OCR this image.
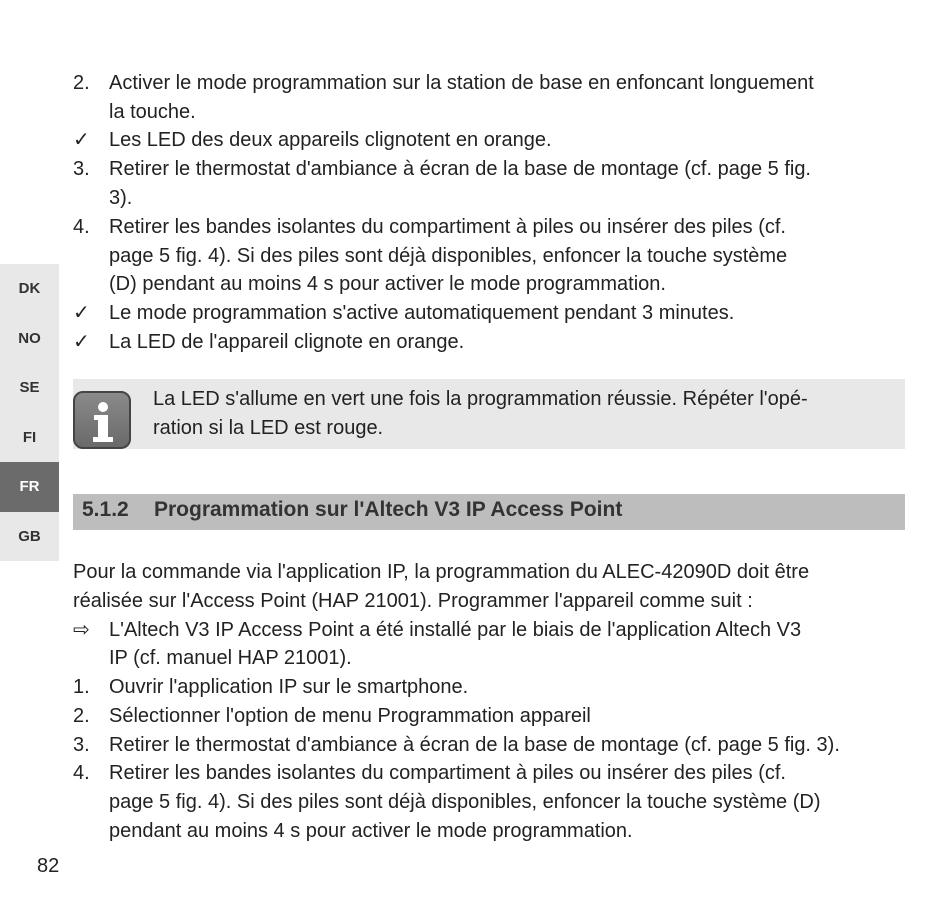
DK
NO
SE
FI
FR
GB
2. Activer le mode programmation sur la station de base en enfoncant longuement
la touche.
✓ Les LED des deux appareils clignotent en orange.
3. Retirer le thermostat d'ambiance à écran de la base de montage (cf. page 5 fig.
3).
4. Retirer les bandes isolantes du compartiment à piles ou insérer des piles (cf.
page 5 fig. 4). Si des piles sont déjà disponibles, enfoncer la touche système
(D) pendant au moins 4 s pour activer le mode programmation.
✓ Le mode programmation s'active automatiquement pendant 3 minutes.
✓ La LED de l'appareil clignote en orange.
La LED s'allume en vert une fois la programmation réussie. Répéter l'opé-
ration si la LED est rouge.
5.1.2 Programmation sur l'Altech V3 IP Access Point
Pour la commande via l'application IP, la programmation du ALEC-42090D doit être
réalisée sur l'Access Point (HAP 21001). Programmer l'appareil comme suit :
⇨ L'Altech V3 IP Access Point a été installé par le biais de l'application Altech V3
IP (cf. manuel HAP 21001).
1. Ouvrir l'application IP sur le smartphone.
2. Sélectionner l'option de menu Programmation appareil
3. Retirer le thermostat d'ambiance à écran de la base de montage (cf. page 5 fig. 3).
4. Retirer les bandes isolantes du compartiment à piles ou insérer des piles (cf.
page 5 fig. 4). Si des piles sont déjà disponibles, enfoncer la touche système (D)
pendant au moins 4 s pour activer le mode programmation.
82
